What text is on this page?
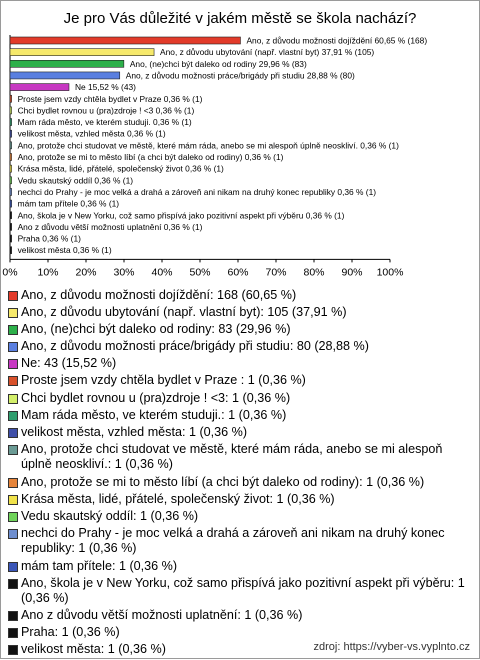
Je pro Vás důležité v jakém městě se škola nachází?
Ano, z důvodu možnosti dojíždění 60,65 % (168)
Ano, z důvodu ubytování (např. vlastní byt) 37,91 % (105)
Ano, (ne)chci být daleko od rodiny 29,96 % (83)
Ano, z důvodu možnosti práce/brigády při studiu 28,88 % (80)
Ne 15,52 % (43)
Proste jsem vzdy chtěla bydlet v Praze 0,36 % (1)
Chci bydlet rovnou u (pra)zdroje ! <3 0,36 % (1)
Mam ráda město, ve kterém studuji. 0,36 % (1)
velikost města, vzhled města 0,36 % (1)
Ano, protože chci studovat ve městě, které mám ráda, anebo se mi alespoň úplně neoskliví. 0,36 % (1)
Ano, protože se mi to město líbí (a chci být daleko od rodiny) 0,36 % (1)
Krása města, lidé, přátelé, společenský život 0,36 % (1)
Vedu skautský oddíl 0,36 % (1)
nechci do Prahy - je moc velká a drahá a zároveň ani nikam na druhý konec republiky 0,36 % (1)
mám tam přítele 0,36 % (1)
Ano, škola je v New Yorku, což samo přispívá jako pozitivní aspekt při výběru 0,36 % (1)
Ano z důvodu větší možnosti uplatnění 0,36 % (1)
Praha 0,36 % (1)
velikost města 0,36 % (1)
0% 10% 20% 30% 40% 50% 60% 70% 80% 90% 100%
Ano, z důvodu možnosti dojíždění: 168 (60,65 %)
Ano, z důvodu ubytování (např. vlastní byt): 105 (37,91 %)
Ano, (ne)chci být daleko od rodiny: 83 (29,96 %)
Ano, z důvodu možnosti práce/brigády při studiu: 80 (28,88 %)
Ne: 43 (15,52 %)
Proste jsem vzdy chtěla bydlet v Praze : 1 (0,36 %)
Chci bydlet rovnou u (pra)zdroje ! <3: 1 (0,36 %)
Mam ráda město, ve kterém studuji.: 1 (0,36 %)
velikost města, vzhled města: 1 (0,36 %)
Ano, protože chci studovat ve městě, které mám ráda, anebo se mi alespoň úplně neoskliví.: 1 (0,36 %)
Ano, protože se mi to město líbí (a chci být daleko od rodiny): 1 (0,36 %)
Krása města, lidé, přátelé, společenský život: 1 (0,36 %)
Vedu skautský oddíl: 1 (0,36 %)
nechci do Prahy - je moc velká a drahá a zároveň ani nikam na druhý konec republiky: 1 (0,36 %)
mám tam přítele: 1 (0,36 %)
Ano, škola je v New Yorku, což samo přispívá jako pozitivní aspekt při výběru: 1 (0,36 %)
Ano z důvodu větší možnosti uplatnění: 1 (0,36 %)
Praha: 1 (0,36 %)
velikost města: 1 (0,36 %)	zdroj: https://vyber-vs.vyplnto.cz
